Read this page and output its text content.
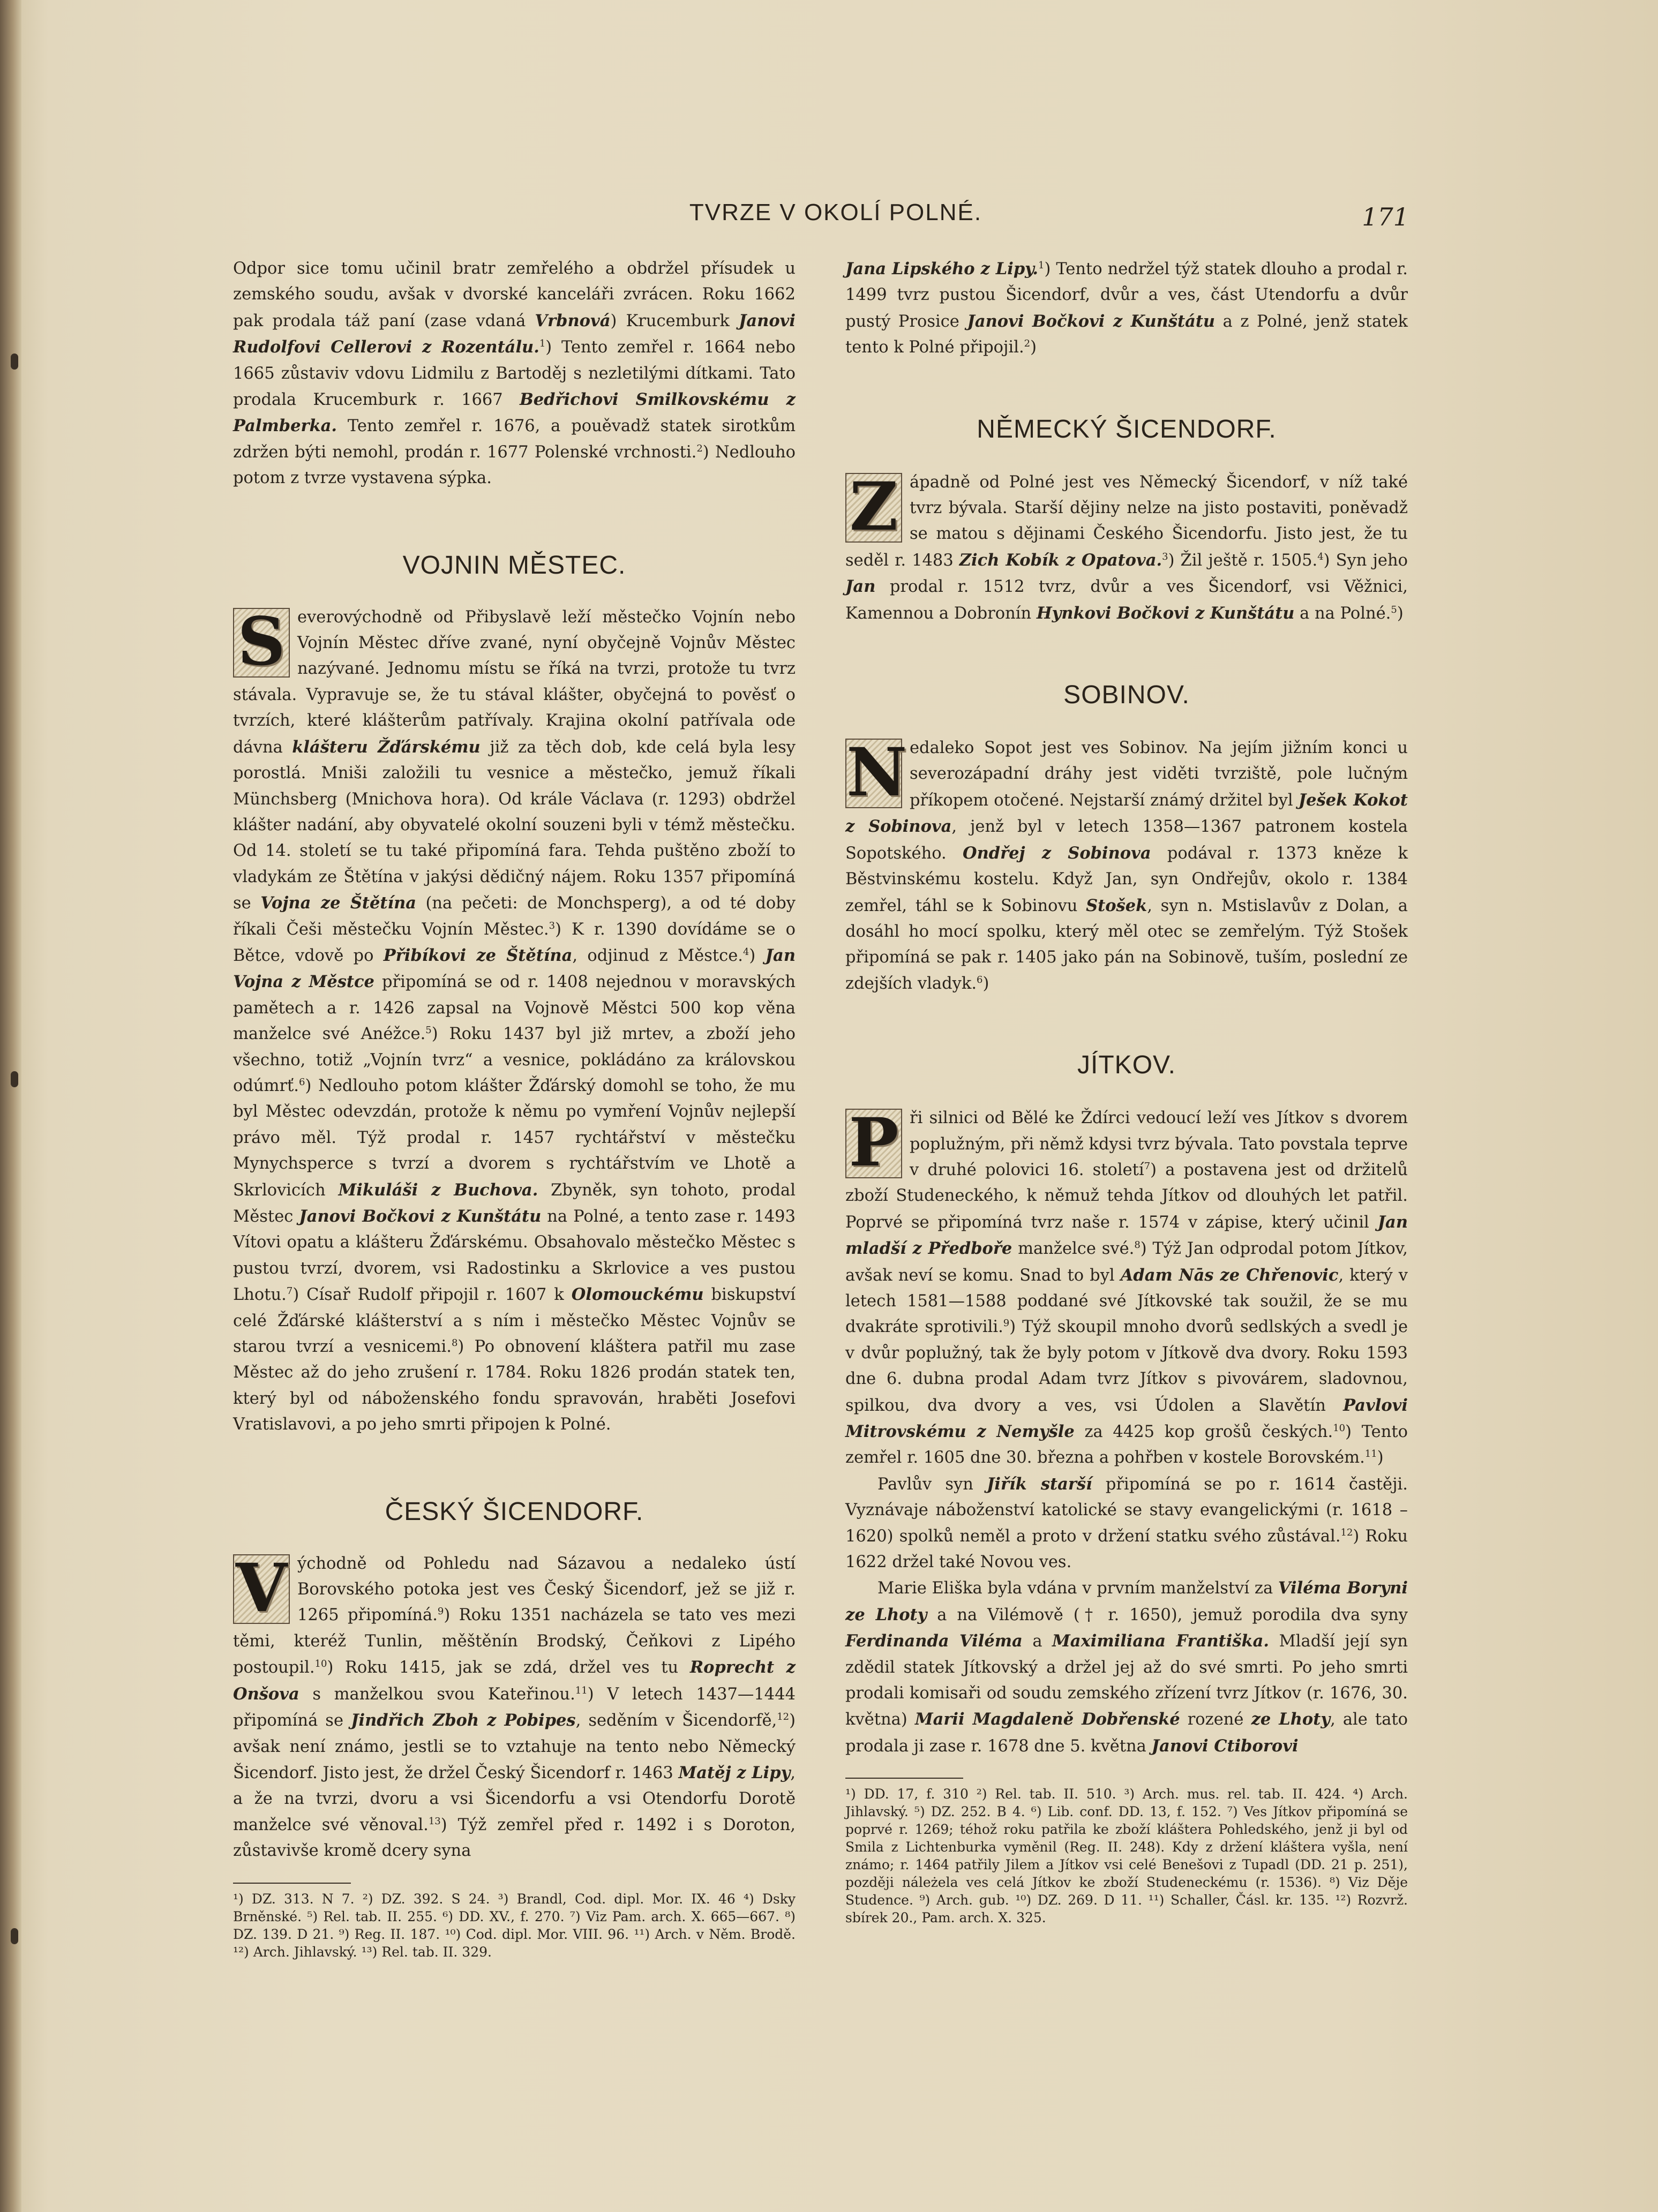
TVRZE V OKOLÍ POLNÉ.	171

Odpor sice tomu učinil bratr zemřelého a obdržel přísudek u zemského soudu, avšak v dvorské kanceláři zvrácen. Roku 1662 pak prodala táž paní (zase vdaná Vrbnová) Krucemburk Janovi Rudolfovi Cellerovi z Rozentálu.$^1$) Tento zemřel r. 1664 nebo 1665 zůstaviv vdovu Lidmilu z Bartoděj s nezletilými dítkami. Tato prodala Krucemburk r. 1667 Bedřichovi Smilkovskému z Palmberka. Tento zemřel r. 1676, a pouěvadž statek sirotkům zdržen býti nemohl, prodán r. 1677 Polenské vrchnosti.$^2$) Nedlouho potom z tvrze vystavena sýpka.

VOJNIN MĚSTEC.

S everovýchodně od Přibyslavě leží městečko Vojnín nebo Vojnín Městec dříve zvané, nyní obyčejně Vojnův Městec nazývané. Jednomu místu se říká na tvrzi, protože tu tvrz stávala. Vypravuje se, že tu stával klášter, obyčejná to pověsť o tvrzích, které klášterům patřívaly. Krajina okolní patřívala ode dávna klášteru Žďárskému již za těch dob, kde celá byla lesy porostlá. Mniši založili tu vesnice a městečko, jemuž říkali Münchsberg (Mnichova hora). Od krále Václava (r. 1293) obdržel klášter nadání, aby obyvatelé okolní souzeni byli v témž městečku. Od 14. století se tu také připomíná fara. Tehda puštěno zboží to vladykám ze Štětína v jakýsi dědičný nájem. Roku 1357 připomíná se Vojna ze Štětína (na pečeti: de Monchsperg), a od té doby říkali Češi městečku Vojnín Městec.$^3$) K r. 1390 dovídáme se o Bětce, vdově po Přibíkovi ze Štětína, odjinud z Městce.$^4$) Jan Vojna z Městce připomíná se od r. 1408 nejednou v moravských pamětech a r. 1426 zapsal na Vojnově Městci 500 kop věna manželce své Anéžce.$^5$) Roku 1437 byl již mrtev, a zboží jeho všechno, totiž „Vojnín tvrz“ a vesnice, pokládáno za královskou odúmrť.$^6$) Nedlouho potom klášter Žďárský domohl se toho, že mu byl Městec odevzdán, protože k němu po vymření Vojnův nejlepší právo měl. Týž prodal r. 1457 rychtářství v městečku Mynychsperce s tvrzí a dvorem s rychtářstvím ve Lhotě a Skrlovicích Mikuláši z Buchova. Zbyněk, syn tohoto, prodal Městec Janovi Bočkovi z Kunštátu na Polné, a tento zase r. 1493 Vítovi opatu a klášteru Žďárskému. Obsahovalo městečko Městec s pustou tvrzí, dvorem, vsi Radostinku a Skrlovice a ves pustou Lhotu.$^7$) Císař Rudolf připojil r. 1607 k Olomouckému biskupství celé Žďárské klášterství a s ním i městečko Městec Vojnův se starou tvrzí a vesnicemi.$^8$) Po obnovení kláštera patřil mu zase Městec až do jeho zrušení r. 1784. Roku 1826 prodán statek ten, který byl od náboženského fondu spravován, hraběti Josefovi Vratislavovi, a po jeho smrti připojen k Polné.

ČESKÝ ŠICENDORF.

V ýchodně od Pohledu nad Sázavou a nedaleko ústí Borovského potoka jest ves Český Šicendorf, jež se již r. 1265 připomíná.$^9$) Roku 1351 nacházela se tato ves mezi těmi, kteréž Tunlin, měštěnín Brodský, Čeňkovi z Lipého postoupil.$^{10}$) Roku 1415, jak se zdá, držel ves tu Roprecht z Onšova s manželkou svou Kateřinou.$^{11}$) V letech 1437—1444 připomíná se Jindřich Zboh z Pobipes, seděním v Šicendorfě,$^{12}$) avšak není známo, jestli se to vztahuje na tento nebo Německý Šicendorf. Jisto jest, že držel Český Šicendorf r. 1463 Matěj z Lipy, a že na tvrzi, dvoru a vsi Šicendorfu a vsi Otendorfu Dorotě manželce své věnoval.$^{13}$) Týž zemřel před r. 1492 i s Doroton, zůstavivše kromě dcery syna

¹) DZ. 313. N 7. ²) DZ. 392. S 24. ³) Brandl, Cod. dipl. Mor. IX. 46 ⁴) Dsky Brněnské. ⁵) Rel. tab. II. 255. ⁶) DD. XV., f. 270. ⁷) Viz Pam. arch. X. 665—667. ⁸) DZ. 139. D 21. ⁹) Reg. II. 187. ¹⁰) Cod. dipl. Mor. VIII. 96. ¹¹) Arch. v Něm. Brodě. ¹²) Arch. Jihlavský. ¹³) Rel. tab. II. 329.

Jana Lipského z Lipy.$^1$) Tento nedržel týž statek dlouho a prodal r. 1499 tvrz pustou Šicendorf, dvůr a ves, část Utendorfu a dvůr pustý Prosice Janovi Bočkovi z Kunštátu a z Polné, jenž statek tento k Polné připojil.$^2$)

NĚMECKÝ ŠICENDORF.

Z ápadně od Polné jest ves Německý Šicendorf, v níž také tvrz bývala. Starší dějiny nelze na jisto postaviti, poněvadž se matou s dějinami Českého Šicendorfu. Jisto jest, že tu seděl r. 1483 Zich Kobík z Opatova.$^3$) Žil ještě r. 1505.$^4$) Syn jeho Jan prodal r. 1512 tvrz, dvůr a ves Šicendorf, vsi Věžnici, Kamennou a Dobronín Hynkovi Bočkovi z Kunštátu a na Polné.$^5$)

SOBINOV.

N edaleko Sopot jest ves Sobinov. Na jejím jižním konci u severozápadní dráhy jest viděti tvrziště, pole lučným příkopem otočené. Nejstarší známý držitel byl Ješek Kokot z Sobinova, jenž byl v letech 1358—1367 patronem kostela Sopotského. Ondřej z Sobinova podával r. 1373 kněze k Běstvinskému kostelu. Když Jan, syn Ondřejův, okolo r. 1384 zemřel, táhl se k Sobinovu Stošek, syn n. Mstislavův z Dolan, a dosáhl ho mocí spolku, který měl otec se zemřelým. Týž Stošek připomíná se pak r. 1405 jako pán na Sobinově, tuším, poslední ze zdejších vladyk.$^6$)

JÍTKOV.

P ři silnici od Bělé ke Ždírci vedoucí leží ves Jítkov s dvorem poplužným, při němž kdysi tvrz bývala. Tato povstala teprve v druhé polovici 16. století$^7$) a postavena jest od držitelů zboží Studeneckého, k němuž tehda Jítkov od dlouhých let patřil. Poprvé se připomíná tvrz naše r. 1574 v zápise, který učinil Jan mladší z Předboře manželce své.$^8$) Týž Jan odprodal potom Jítkov, avšak neví se komu. Snad to byl Adam Nās ze Chřenovic, který v letech 1581—1588 poddané své Jítkovské tak soužil, že se mu dvakráte sprotivili.$^9$) Týž skoupil mnoho dvorů sedlských a svedl je v dvůr poplužný, tak že byly potom v Jítkově dva dvory. Roku 1593 dne 6. dubna prodal Adam tvrz Jítkov s pivovárem, sladovnou, spilkou, dva dvory a ves, vsi Údolen a Slavětín Pavlovi Mitrovskému z Nemyšle za 4425 kop grošů českých.$^{10}$) Tento zemřel r. 1605 dne 30. března a pohřben v kostele Borovském.$^{11}$)

Pavlův syn Jiřík starší připomíná se po r. 1614 častěji. Vyznávaje náboženství katolické se stavy evangelickými (r. 1618 – 1620) spolků neměl a proto v držení statku svého zůstával.$^{12}$) Roku 1622 držel také Novou ves.

Marie Eliška byla vdána v prvním manželství za Viléma Boryni ze Lhoty a na Vilémově († r. 1650), jemuž porodila dva syny Ferdinanda Viléma a Maximiliana Františka. Mladší její syn zdědil statek Jítkovský a držel jej až do své smrti. Po jeho smrti prodali komisaři od soudu zemského zřízení tvrz Jítkov (r. 1676, 30. května) Marii Magdaleně Dobřenské rozené ze Lhoty, ale tato prodala ji zase r. 1678 dne 5. května Janovi Ctiborovi

¹) DD. 17, f. 310 ²) Rel. tab. II. 510. ³) Arch. mus. rel. tab. II. 424. ⁴) Arch. Jihlavský. ⁵) DZ. 252. B 4. ⁶) Lib. conf. DD. 13, f. 152. ⁷) Ves Jítkov připomíná se poprvé r. 1269; téhož roku patřila ke zboží kláštera Pohledského, jenž ji byl od Smila z Lichtenburka vyměnil (Reg. II. 248). Kdy z držení kláštera vyšla, není známo; r. 1464 patřily Jilem a Jítkov vsi celé Benešovi z Tupadl (DD. 21 p. 251), později náleżela ves celá Jítkov ke zboží Studeneckému (r. 1536). ⁸) Viz Děje Studence. ⁹) Arch. gub. ¹⁰) DZ. 269. D 11. ¹¹) Schaller, Čásl. kr. 135. ¹²) Rozvrž. sbírek 20., Pam. arch. X. 325.
